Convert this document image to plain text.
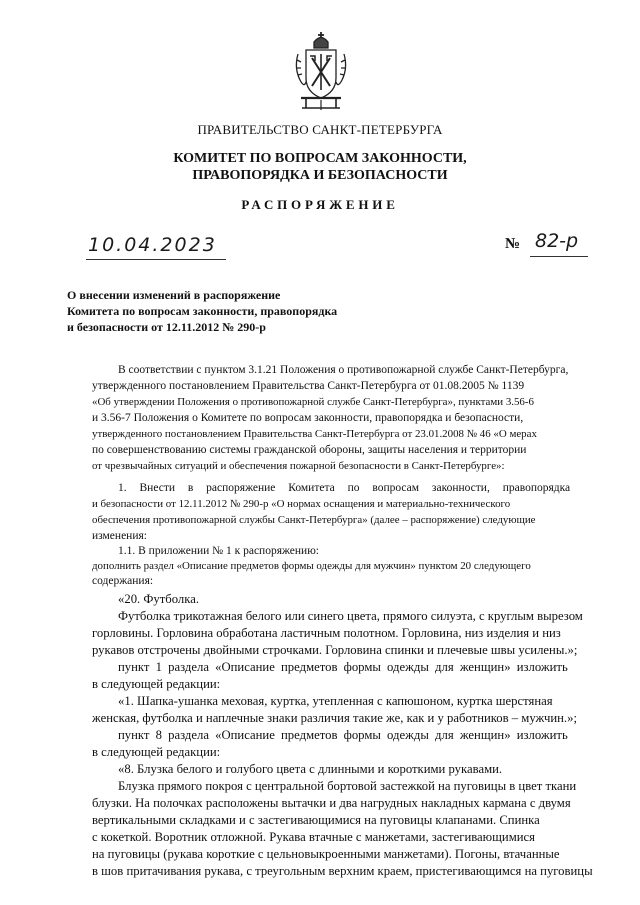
ПРАВИТЕЛЬСТВО САНКТ-ПЕТЕРБУРГА
КОМИТЕТ ПО ВОПРОСАМ ЗАКОННОСТИ,
ПРАВОПОРЯДКА И БЕЗОПАСНОСТИ
РАСПОРЯЖЕНИЕ
10.04.2023	№ 82-р
О внесении изменений в распоряжение
Комитета по вопросам законности, правопорядка
и безопасности от 12.11.2012 № 290-р
В соответствии с пунктом 3.1.21 Положения о противопожарной службе Санкт-Петербурга,
утвержденного постановлением Правительства Санкт-Петербурга от 01.08.2005 № 1139
«Об утверждении Положения о противопожарной службе Санкт-Петербурга», пунктами 3.56-6
и 3.56-7 Положения о Комитете по вопросам законности, правопорядка и безопасности,
утвержденного постановлением Правительства Санкт-Петербурга от 23.01.2008 № 46 «О мерах
по совершенствованию системы гражданской обороны, защиты населения и территории
от чрезвычайных ситуаций и обеспечения пожарной безопасности в Санкт-Петербурге»:
1. Внести в распоряжение Комитета по вопросам законности, правопорядка
и безопасности от 12.11.2012 № 290-р «О нормах оснащения и материально-технического
обеспечения противопожарной службы Санкт-Петербурга» (далее – распоряжение) следующие
изменения:
1.1. В приложении № 1 к распоряжению:
дополнить раздел «Описание предметов формы одежды для мужчин» пунктом 20 следующего
содержания:
«20. Футболка.
Футболка трикотажная белого или синего цвета, прямого силуэта, с круглым вырезом
горловины. Горловина обработана ластичным полотном. Горловина, низ изделия и низ
рукавов отстрочены двойными строчками. Горловина спинки и плечевые швы усилены.»;
пункт 1 раздела «Описание предметов формы одежды для женщин» изложить
в следующей редакции:
«1. Шапка-ушанка меховая, куртка, утепленная с капюшоном, куртка шерстяная
женская, футболка и наплечные знаки различия такие же, как и у работников – мужчин.»;
пункт 8 раздела «Описание предметов формы одежды для женщин» изложить
в следующей редакции:
«8. Блузка белого и голубого цвета с длинными и короткими рукавами.
Блузка прямого покроя с центральной бортовой застежкой на пуговицы в цвет ткани
блузки. На полочках расположены вытачки и два нагрудных накладных кармана с двумя
вертикальными складками и с застегивающимися на пуговицы клапанами. Спинка
с кокеткой. Воротник отложной. Рукава втачные с манжетами, застегивающимися
на пуговицы (рукава короткие с цельновыкроенными манжетами). Погоны, втачанные
в шов притачивания рукава, с треугольным верхним краем, пристегивающимся на пуговицы
